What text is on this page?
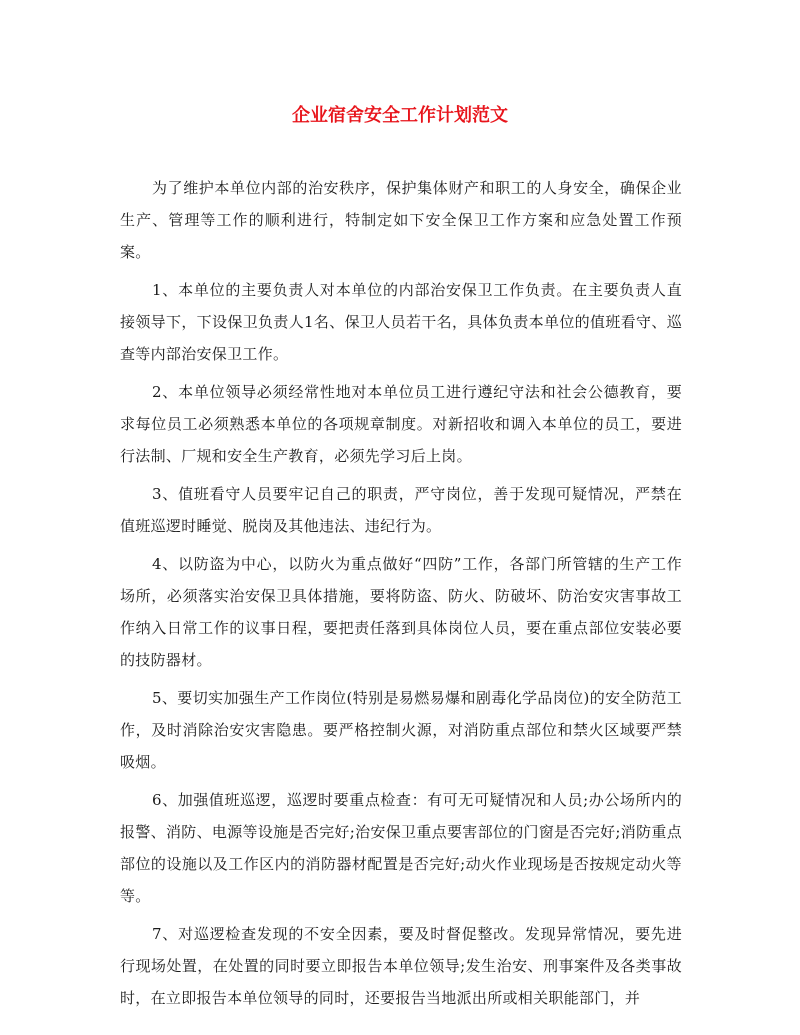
企业宿舍安全工作计划范文

为了维护本单位内部的治安秩序，保护集体财产和职工的人身安全，确保企业生产、管理等工作的顺利进行，特制定如下安全保卫工作方案和应急处置工作预案。

1、本单位的主要负责人对本单位的内部治安保卫工作负责。在主要负责人直接领导下，下设保卫负责人1名、保卫人员若干名，具体负责本单位的值班看守、巡查等内部治安保卫工作。

2、本单位领导必须经常性地对本单位员工进行遵纪守法和社会公德教育，要求每位员工必须熟悉本单位的各项规章制度。对新招收和调入本单位的员工，要进行法制、厂规和安全生产教育，必须先学习后上岗。

3、值班看守人员要牢记自己的职责，严守岗位，善于发现可疑情况，严禁在值班巡逻时睡觉、脱岗及其他违法、违纪行为。

4、以防盗为中心，以防火为重点做好“四防”工作，各部门所管辖的生产工作场所，必须落实治安保卫具体措施，要将防盗、防火、防破坏、防治安灾害事故工作纳入日常工作的议事日程，要把责任落到具体岗位人员，要在重点部位安装必要的技防器材。

5、要切实加强生产工作岗位(特别是易燃易爆和剧毒化学品岗位)的安全防范工作，及时消除治安灾害隐患。要严格控制火源，对消防重点部位和禁火区域要严禁吸烟。

6、加强值班巡逻，巡逻时要重点检查：有可无可疑情况和人员;办公场所内的报警、消防、电源等设施是否完好;治安保卫重点要害部位的门窗是否完好;消防重点部位的设施以及工作区内的消防器材配置是否完好;动火作业现场是否按规定动火等等。

7、对巡逻检查发现的不安全因素，要及时督促整改。发现异常情况，要先进行现场处置，在处置的同时要立即报告本单位领导;发生治安、刑事案件及各类事故时，在立即报告本单位领导的同时，还要报告当地派出所或相关职能部门，并
